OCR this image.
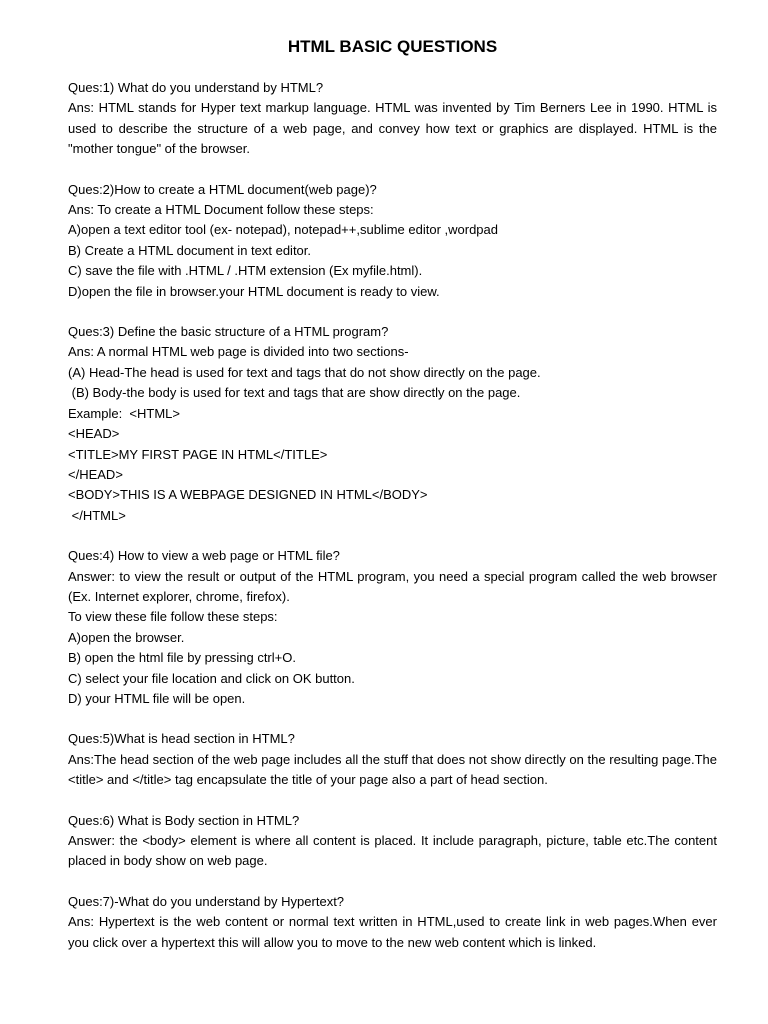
HTML BASIC QUESTIONS
Ques:1) What do you understand by HTML?
Ans: HTML stands for Hyper text markup language. HTML was invented by Tim Berners Lee in 1990. HTML is used to describe the structure of a web page, and convey how text or graphics are displayed. HTML is the "mother tongue" of the browser.
Ques:2)How to create a HTML document(web page)?
Ans: To create a HTML Document follow these steps:
A)open a text editor tool (ex- notepad), notepad++,sublime editor ,wordpad
B) Create a HTML document in text editor.
C) save the file with .HTML / .HTM extension (Ex myfile.html).
D)open the file in browser.your HTML document is ready to view.
Ques:3) Define the basic structure of a HTML program?
Ans: A normal HTML web page is divided into two sections-
(A) Head-The head is used for text and tags that do not show directly on the page.
(B) Body-the body is used for text and tags that are show directly on the page.
Example:  <HTML>
<HEAD>
<TITLE>MY FIRST PAGE IN HTML</TITLE>
</HEAD>
<BODY>THIS IS A WEBPAGE DESIGNED IN HTML</BODY>
</HTML>
Ques:4) How to view a web page or HTML file?
Answer: to view the result or output of the HTML program, you need a special program called the web browser (Ex. Internet explorer, chrome, firefox).
To view these file follow these steps:
A)open the browser.
B) open the html file by pressing ctrl+O.
C) select your file location and click on OK button.
D) your HTML file will be open.
Ques:5)What is head section in HTML?
Ans:The head section of the web page includes all the stuff that does not show directly on the resulting page.The <title> and </title> tag encapsulate the title of your page also a part of head section.
Ques:6) What is Body section in HTML?
Answer: the <body> element is where all content is placed. It include paragraph, picture, table etc.The content placed in body show on web page.
Ques:7)-What do you understand by Hypertext?
Ans: Hypertext is the web content or normal text written in HTML,used to create link in web pages.When ever you click over a hypertext this will allow you to move to the new web content which is linked.
